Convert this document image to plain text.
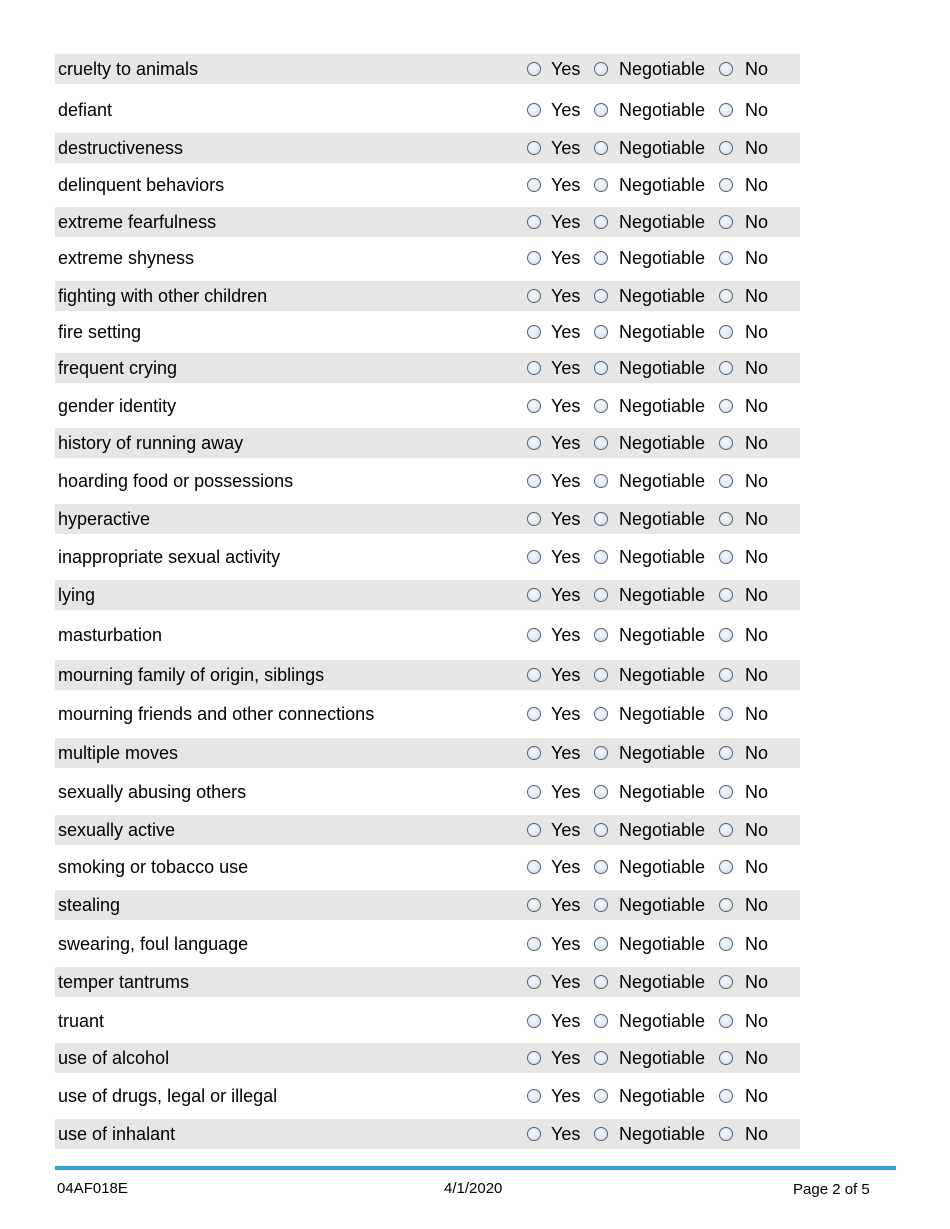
cruelty to animals	Yes Negotiable No
defiant	Yes Negotiable No
destructiveness	Yes Negotiable No
delinquent behaviors	Yes Negotiable No
extreme fearfulness	Yes Negotiable No
extreme shyness	Yes Negotiable No
fighting with other children	Yes Negotiable No
fire setting	Yes Negotiable No
frequent crying	Yes Negotiable No
gender identity	Yes Negotiable No
history of running away	Yes Negotiable No
hoarding food or possessions	Yes Negotiable No
hyperactive	Yes Negotiable No
inappropriate sexual activity	Yes Negotiable No
lying	Yes Negotiable No
masturbation	Yes Negotiable No
mourning family of origin, siblings	Yes Negotiable No
mourning friends and other connections	Yes Negotiable No
multiple moves	Yes Negotiable No
sexually abusing others	Yes Negotiable No
sexually active	Yes Negotiable No
smoking or tobacco use	Yes Negotiable No
stealing	Yes Negotiable No
swearing, foul language	Yes Negotiable No
temper tantrums	Yes Negotiable No
truant	Yes Negotiable No
use of alcohol	Yes Negotiable No
use of drugs, legal or illegal	Yes Negotiable No
use of inhalant	Yes Negotiable No
04AF018E	4/1/2020	Page 2 of 5
